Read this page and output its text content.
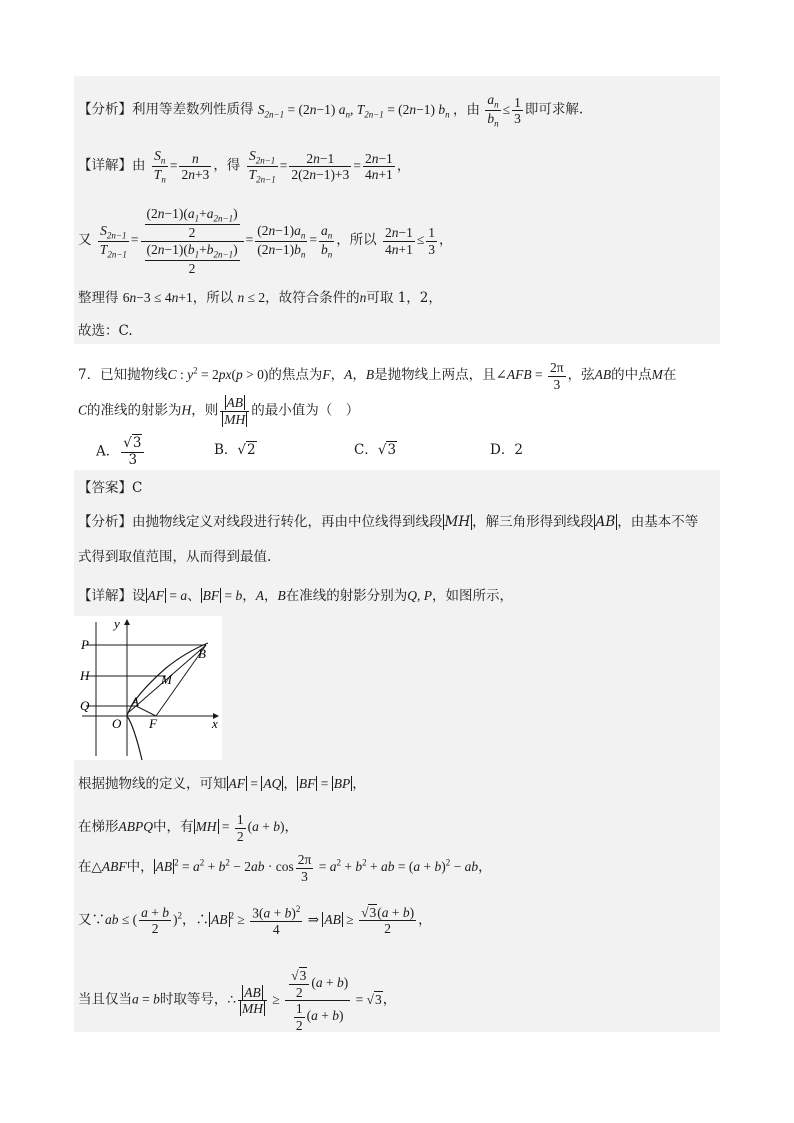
【分析】利用等差数列性质得 $S_{2n-1} = (2n-1)$ $a_n$, $T_{2n-1} = (2n-1)$ $b_n$ ，由 $\frac{a_n}{b_n} \le \frac{1}{3}$ 即可求解.
【详解】由 $\frac{S_n}{T_n} = \frac{n}{2n+3}$ ，得 $\frac{S_{2n-1}}{T_{2n-1}} = \frac{2n-1}{2(2n-1)+3} = \frac{2n-1}{4n+1}$ ，
又 $\frac{S_{2n-1}}{T_{2n-1}} = \frac{\frac{(2n-1)(a_1+a_{2n-1})}{2}}{\frac{(2n-1)(b_1+b_{2n-1})}{2}} = \frac{(2n-1)a_n}{(2n-1)b_n} = \frac{a_n}{b_n}$ ，所以 $\frac{2n-1}{4n+1} \le \frac{1}{3}$ ，
整理得 6n−3 ≤ 4n+1，所以 n ≤ 2，故符合条件的n可取 1，2，
故选：C.
7．已知抛物线C : $y^2 = 2px(p > 0)$的焦点为F，A，B是抛物线上两点，且∠AFB = $\frac{2\pi}{3}$ ，弦AB的中点M在
C的准线的射影为H，则 $\frac{AB}{MH}$ 的最小值为（　）
A． $\frac{√3}{3}$	B．√2	C．√3	D．2
【答案】C
【分析】由抛物线定义对线段进行转化，再由中位线得到线段 MH ，解三角形得到线段 AB ，由基本不等
式得到取值范围，从而得到最值.
【详解】设 AF = a、 BF = b，A，B在准线的射影分别为Q, P，如图所示，
y
x
P
H
Q
O F
A
B
M
根据抛物线的定义，可知 AF = AQ ， BF = BP ，
在梯形ABPQ中，有 MH = $\frac{1}{2} (a + b)$，
在△ABF中， AB $^2 = a^2 + b^2 - 2ab \cdot \cos \frac{2\pi}{3} = a^2 + b^2$ + ab = $(a + b)^2$ − ab，
又∵ab ≤ ( $\frac{a + b}{2} )^2$，∴ AB $^2 \ge \frac{3(a + b)^2}{4}$ ⇒ AB ≥ $\frac{√3(a + b)}{2}$ ，
当且仅当a = b时取等号，∴ $\frac{AB}{MH} \ge \frac{\frac{√3}{2} (a + b)}{\frac{1}{2} (a + b)} = √3$，
